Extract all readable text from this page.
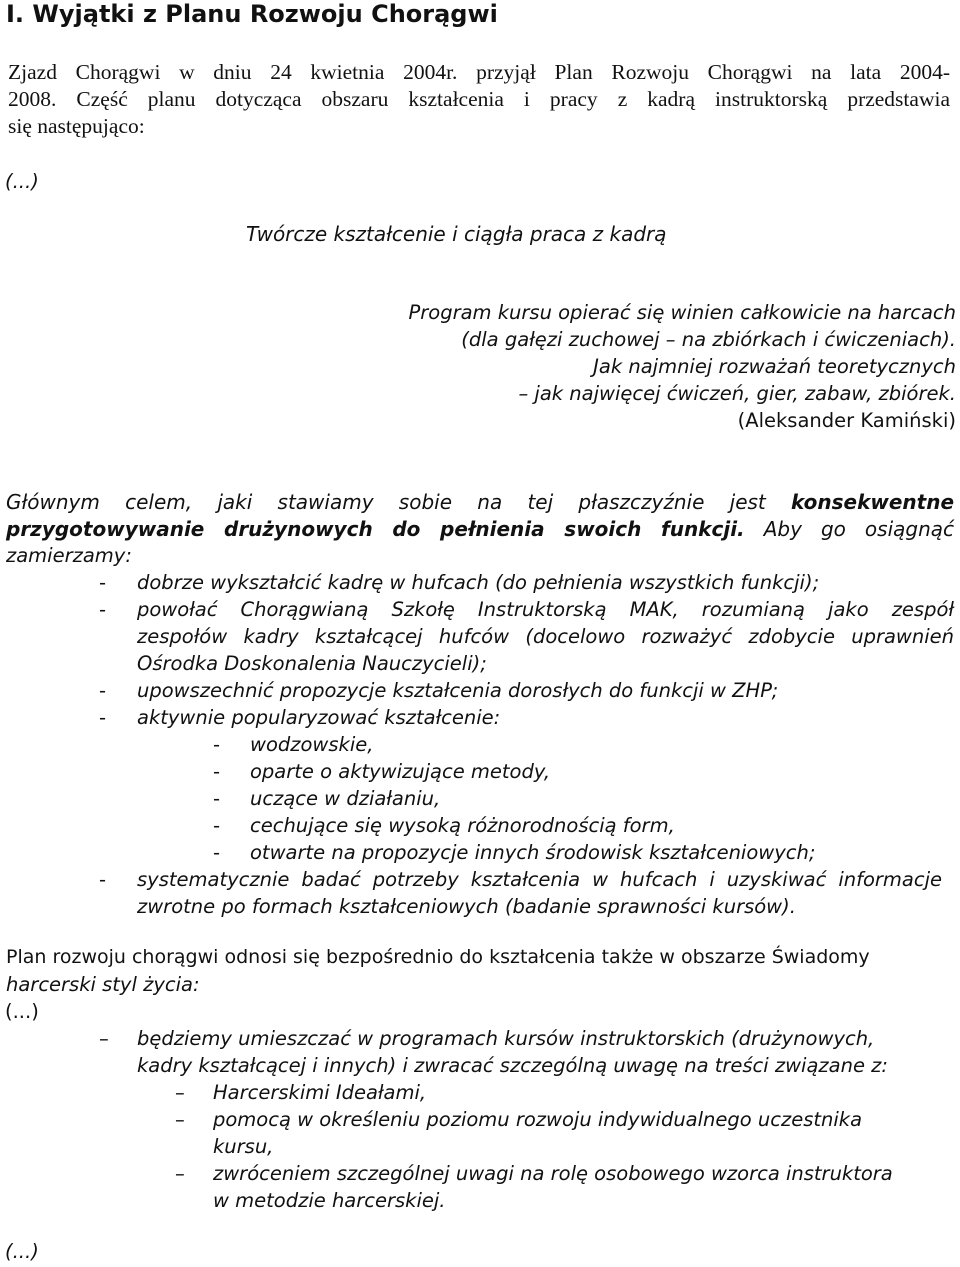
I. Wyjątki z Planu Rozwoju Chorągwi
Zjazd Chorągwi w dniu 24 kwietnia 2004r. przyjął Plan Rozwoju Chorągwi na lata 2004-
2008. Część planu dotycząca obszaru kształcenia i pracy z kadrą instruktorską przedstawia
się następująco:
(...)
Twórcze kształcenie i ciągła praca z kadrą
Program kursu opierać się winien całkowicie na harcach
(dla gałęzi zuchowej – na zbiórkach i ćwiczeniach).
Jak najmniej rozważań teoretycznych
– jak najwięcej ćwiczeń, gier, zabaw, zbiórek.
(Aleksander Kamiński)
Głównym celem, jaki stawiamy sobie na tej płaszczyźnie jest konsekwentne
przygotowywanie drużynowych do pełnienia swoich funkcji. Aby go osiągnąć
zamierzamy:
- dobrze wykształcić kadrę w hufcach (do pełnienia wszystkich funkcji);
- powołać Chorągwianą Szkołę Instruktorską MAK, rozumianą jako zespół
zespołów kadry kształcącej hufców (docelowo rozważyć zdobycie uprawnień
Ośrodka Doskonalenia Nauczycieli);
- upowszechnić propozycje kształcenia dorosłych do funkcji w ZHP;
- aktywnie popularyzować kształcenie:
- wodzowskie,
- oparte o aktywizujące metody,
- uczące w działaniu,
- cechujące się wysoką różnorodnością form,
- otwarte na propozycje innych środowisk kształceniowych;
- systematycznie badać potrzeby kształcenia w hufcach i uzyskiwać informacje
zwrotne po formach kształceniowych (badanie sprawności kursów).
Plan rozwoju chorągwi odnosi się bezpośrednio do kształcenia także w obszarze Świadomy
harcerski styl życia:
(...)
– będziemy umieszczać w programach kursów instruktorskich (drużynowych,
kadry kształcącej i innych) i zwracać szczególną uwagę na treści związane z:
– Harcerskimi Ideałami,
– pomocą w określeniu poziomu rozwoju indywidualnego uczestnika
kursu,
– zwróceniem szczególnej uwagi na rolę osobowego wzorca instruktora
w metodzie harcerskiej.
(...)
